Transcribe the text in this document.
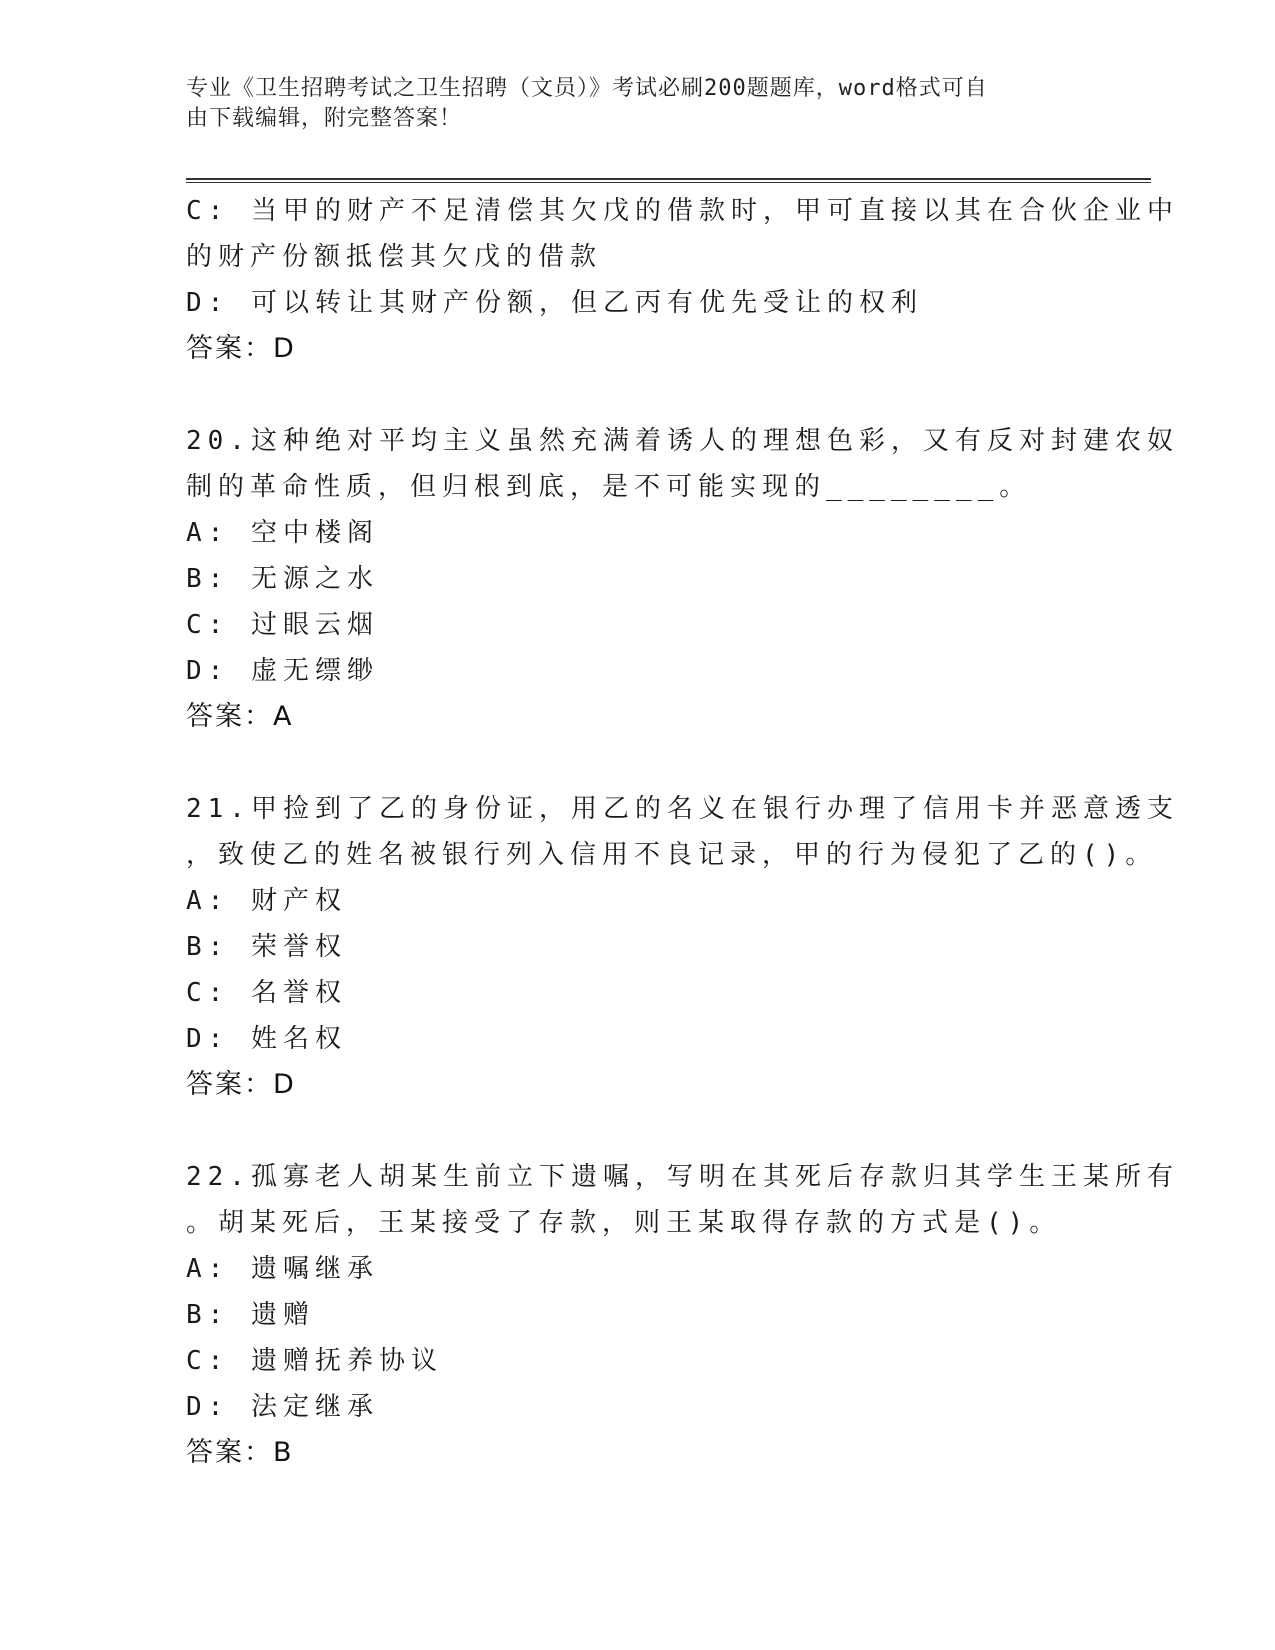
专业《卫生招聘考试之卫生招聘（文员）》考试必刷200题题库，word格式可自
由下载编辑，附完整答案！
C: 当甲的财产不足清偿其欠戊的借款时，甲可直接以其在合伙企业中
的财产份额抵偿其欠戊的借款
D: 可以转让其财产份额，但乙丙有优先受让的权利
答案：D
20.这种绝对平均主义虽然充满着诱人的理想色彩，又有反对封建农奴
制的革命性质，但归根到底，是不可能实现的________。
A: 空中楼阁
B: 无源之水
C: 过眼云烟
D: 虚无缥缈
答案：A
21.甲捡到了乙的身份证，用乙的名义在银行办理了信用卡并恶意透支
，致使乙的姓名被银行列入信用不良记录，甲的行为侵犯了乙的()。
A: 财产权
B: 荣誉权
C: 名誉权
D: 姓名权
答案：D
22.孤寡老人胡某生前立下遗嘱，写明在其死后存款归其学生王某所有
。胡某死后，王某接受了存款，则王某取得存款的方式是()。
A: 遗嘱继承
B: 遗赠
C: 遗赠抚养协议
D: 法定继承
答案：B
